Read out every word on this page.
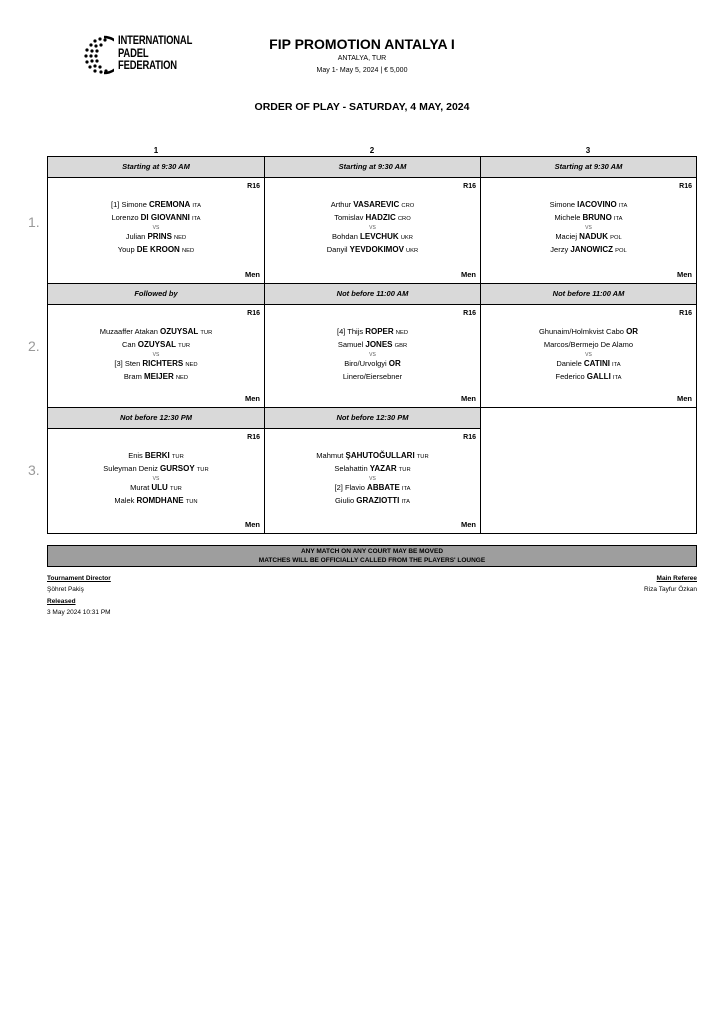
INTERNATIONAL
PADEL
FEDERATION
FIP PROMOTION ANTALYA I
ANTALYA, TUR
May 1- May 5, 2024 | € 5,000
ORDER OF PLAY - SATURDAY, 4 MAY, 2024
1	2	3
1.
2.
3.
Starting at 9:30 AM
R16
Men
[1] Simone CREMONA ITA
Lorenzo DI GIOVANNI ITA
VS
Julian PRINS NED
Youp DE KROON NED
Starting at 9:30 AM
R16
Men
Arthur VASAREVIC CRO
Tomislav HADZIC CRO
VS
Bohdan LEVCHUK UKR
Danyil YEVDOKIMOV UKR
Starting at 9:30 AM
R16
Men
Simone IACOVINO ITA
Michele BRUNO ITA
VS
Maciej NADUK POL
Jerzy JANOWICZ POL
Followed by
R16
Men
Muzaaffer Atakan OZUYSAL TUR
Can OZUYSAL TUR
VS
[3] Sten RICHTERS NED
Bram MEIJER NED
Not before 11:00 AM
R16
Men
[4] Thijs ROPER NED
Samuel JONES GBR
VS
Biro/Urvolgyi OR
Linero/Eiersebner
Not before 11:00 AM
R16
Men
Ghunaim/Holmkvist Cabo OR
Marcos/Bermejo De Alamo
VS
Daniele CATINI ITA
Federico GALLI ITA
Not before 12:30 PM
R16
Men
Enis BERKI TUR
Suleyman Deniz GURSOY TUR
VS
Murat ULU TUR
Malek ROMDHANE TUN
Not before 12:30 PM
R16
Men
Mahmut ŞAHUTOĞULLARI TUR
Selahattin YAZAR TUR
VS
[2] Flavio ABBATE ITA
Giulio GRAZIOTTI ITA
ANY MATCH ON ANY COURT MAY BE MOVED
MATCHES WILL BE OFFICIALLY CALLED FROM THE PLAYERS' LOUNGE
Tournament Director
Şöhret Pakiş
Released
3 May 2024 10:31 PM
Main Referee
Riza Tayfur Özkan
